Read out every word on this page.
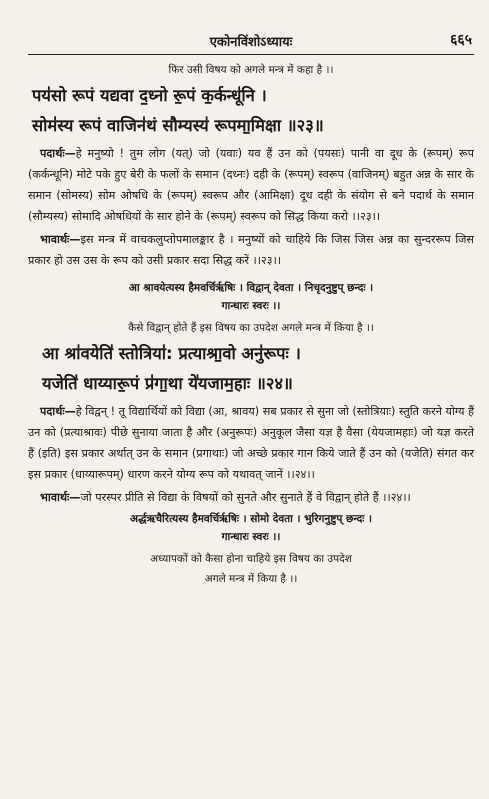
एकोनविंशोऽध्यायः	६६५
फिर उसी विषय को अगले मन्त्र में कहा है ।।
पय॑सो रूपं यद्यवा द॒ध्नो रू॒पं क॒र्कन्धू॑नि ।
सोम॑स्य रूपं वाजिन॑थं सौम्यस्य॑ रूपमा॒मिक्षा ॥२३॥

पदार्थः—हे मनुष्यो ! तुम लोग (यत्) जो (यवाः) यव हैं उन को (पयसः) पानी वा दूध के (रूपम्) रूप (कर्कन्धूनि) मोटे पके हुए बेरी के फलों के समान (दध्नः) दही के (रूपम्) स्वरूप (वाजिनम्) बहुत अन्न के सार के समान (सोमस्य) सोम ओषधि के (रूपम्) स्वरूप और (आमिक्षा) दूध दही के संयोग से बने पदार्थ के समान (सौम्यस्य) सोमादि ओषधियों के सार होने के (रूपम्) स्वरूप को सिद्ध किया करो ।।२३।।

भावार्थः—इस मन्त्र में वाचकलुप्तोपमालङ्कार है । मनुष्यों को चाहिये कि जिस जिस अन्न का सुन्दररूप जिस प्रकार हो उस उस के रूप को उसी प्रकार सदा सिद्ध करें ।।२३।।

आ श्रावयेत्यस्य हैमवर्चिर्ऋषिः । विद्वान् देवता । निचृदनुष्टुप् छन्दः ।
गान्धारः स्वरः ।।
कैसे विद्वान् होते हैं इस विषय का उपदेश अगले मन्त्र में किया है ।।
आ श्रा॑वयेति॑ स्तोत्रिया॑: प्रत्याश्रा॒वो अनु॑रूपः ।
यजेति॑ धाय्यारू॒पं प्र॑गा॒था ये॑यजाम॒हाः ॥२४॥

पदार्थः—हे विद्वन् ! तू विद्यार्थियों को विद्या (आ, श्रावय) सब प्रकार से सुना जो (स्तोत्रियाः) स्तुति करने योग्य हैं उन को (प्रत्याश्रावः) पीछे सुनाया जाता है और (अनुरूपः) अनुकूल जैसा यज्ञ है वैसा (येयजामहाः) जो यज्ञ करते हैं (इति) इस प्रकार अर्थात् उन के समान (प्रगाथाः) जो अच्छे प्रकार गान किये जाते हैं उन को (यजेति) संगत कर इस प्रकार (धाय्यारूपम्) धारण करने योग्य रूप को यथावत् जानें ।।२४।।

भावार्थः—जो परस्पर प्रीति से विद्या के विषयों को सुनते और सुनाते हैं वे विद्वान् होते हैं ।।२४।।

अर्द्धऋचैरित्यस्य हैमवर्चिर्ऋषिः । सोमो देवता । भुरिगनुष्टुप् छन्दः ।
गान्धारः स्वरः ।।
अध्यापकों को कैसा होना चाहिये इस विषय का उपदेश
अगले मन्त्र में किया है ।।
